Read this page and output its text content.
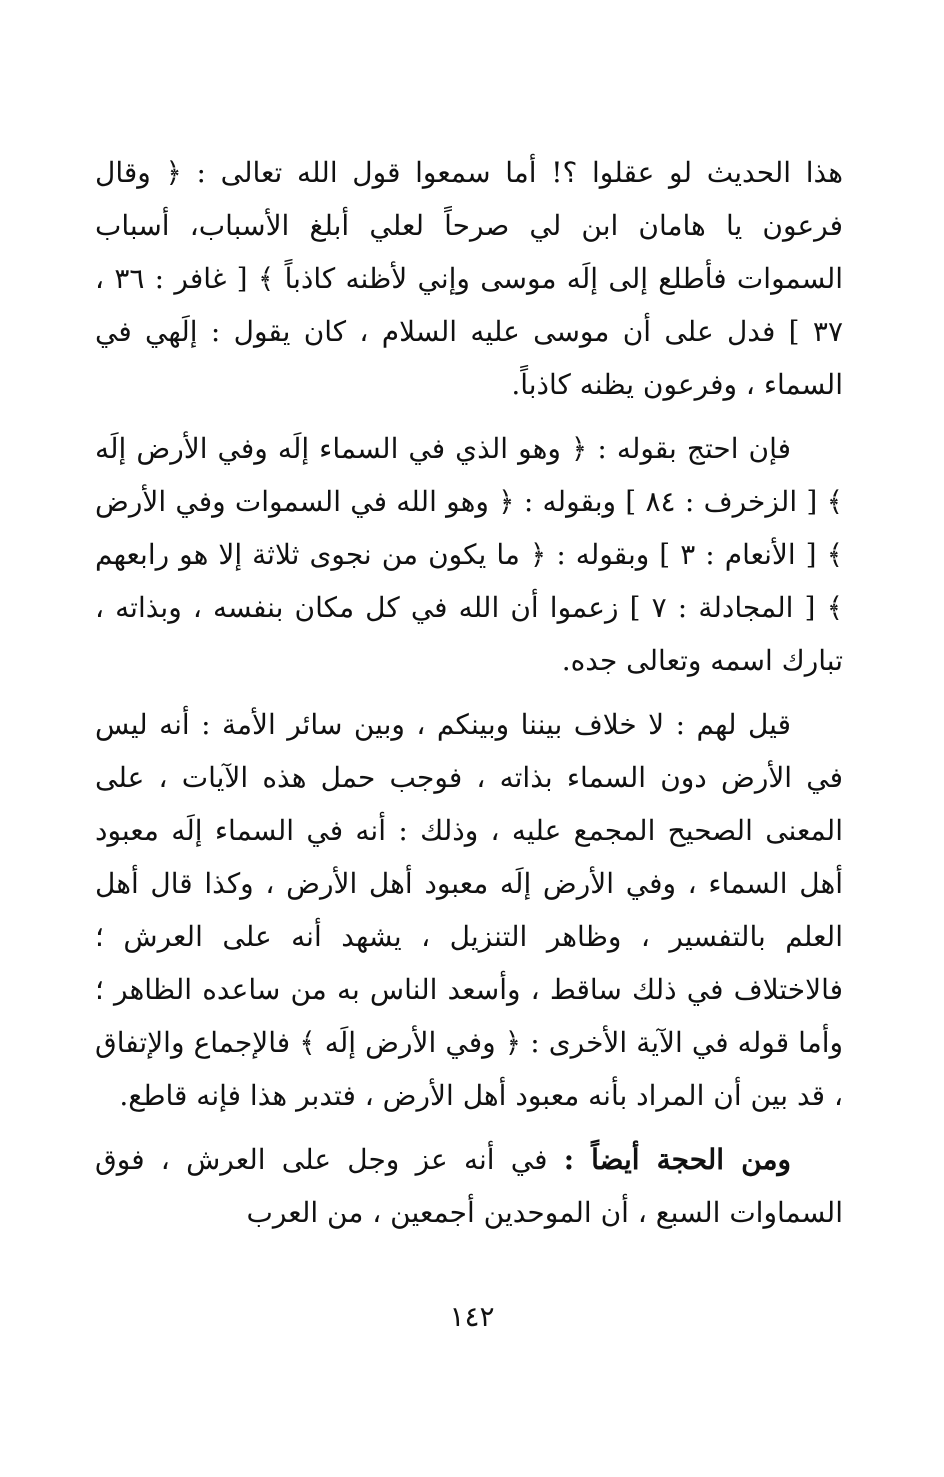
هذا الحديث لو عقلوا ؟! أما سمعوا قول الله تعالى : ﴿ وقال فرعون يا هامان ابن لي صرحاً لعلي أبلغ الأسباب، أسباب السموات فأطلع إلى إلَه موسى وإني لأظنه كاذباً ﴾ [ غافر : ٣٦ ، ٣٧ ] فدل على أن موسى عليه السلام ، كان يقول : إلَهي في السماء ، وفرعون يظنه كاذباً.

فإن احتج بقوله : ﴿ وهو الذي في السماء إلَه وفي الأرض إلَه ﴾ [ الزخرف : ٨٤ ] وبقوله : ﴿ وهو الله في السموات وفي الأرض ﴾ [ الأنعام : ٣ ] وبقوله : ﴿ ما يكون من نجوى ثلاثة إلا هو رابعهم ﴾ [ المجادلة : ٧ ] زعموا أن الله في كل مكان بنفسه ، وبذاته ، تبارك اسمه وتعالى جده.

قيل لهم : لا خلاف بيننا وبينكم ، وبين سائر الأمة : أنه ليس في الأرض دون السماء بذاته ، فوجب حمل هذه الآيات ، على المعنى الصحيح المجمع عليه ، وذلك : أنه في السماء إلَه معبود أهل السماء ، وفي الأرض إلَه معبود أهل الأرض ، وكذا قال أهل العلم بالتفسير ، وظاهر التنزيل ، يشهد أنه على العرش ؛ فالاختلاف في ذلك ساقط ، وأسعد الناس به من ساعده الظاهر ؛ وأما قوله في الآية الأخرى : ﴿ وفي الأرض إلَه ﴾ فالإجماع والإتفاق ، قد بين أن المراد بأنه معبود أهل الأرض ، فتدبر هذا فإنه قاطع.

ومن الحجة أيضاً : في أنه عز وجل على العرش ، فوق السماوات السبع ، أن الموحدين أجمعين ، من العرب

١٤٢
